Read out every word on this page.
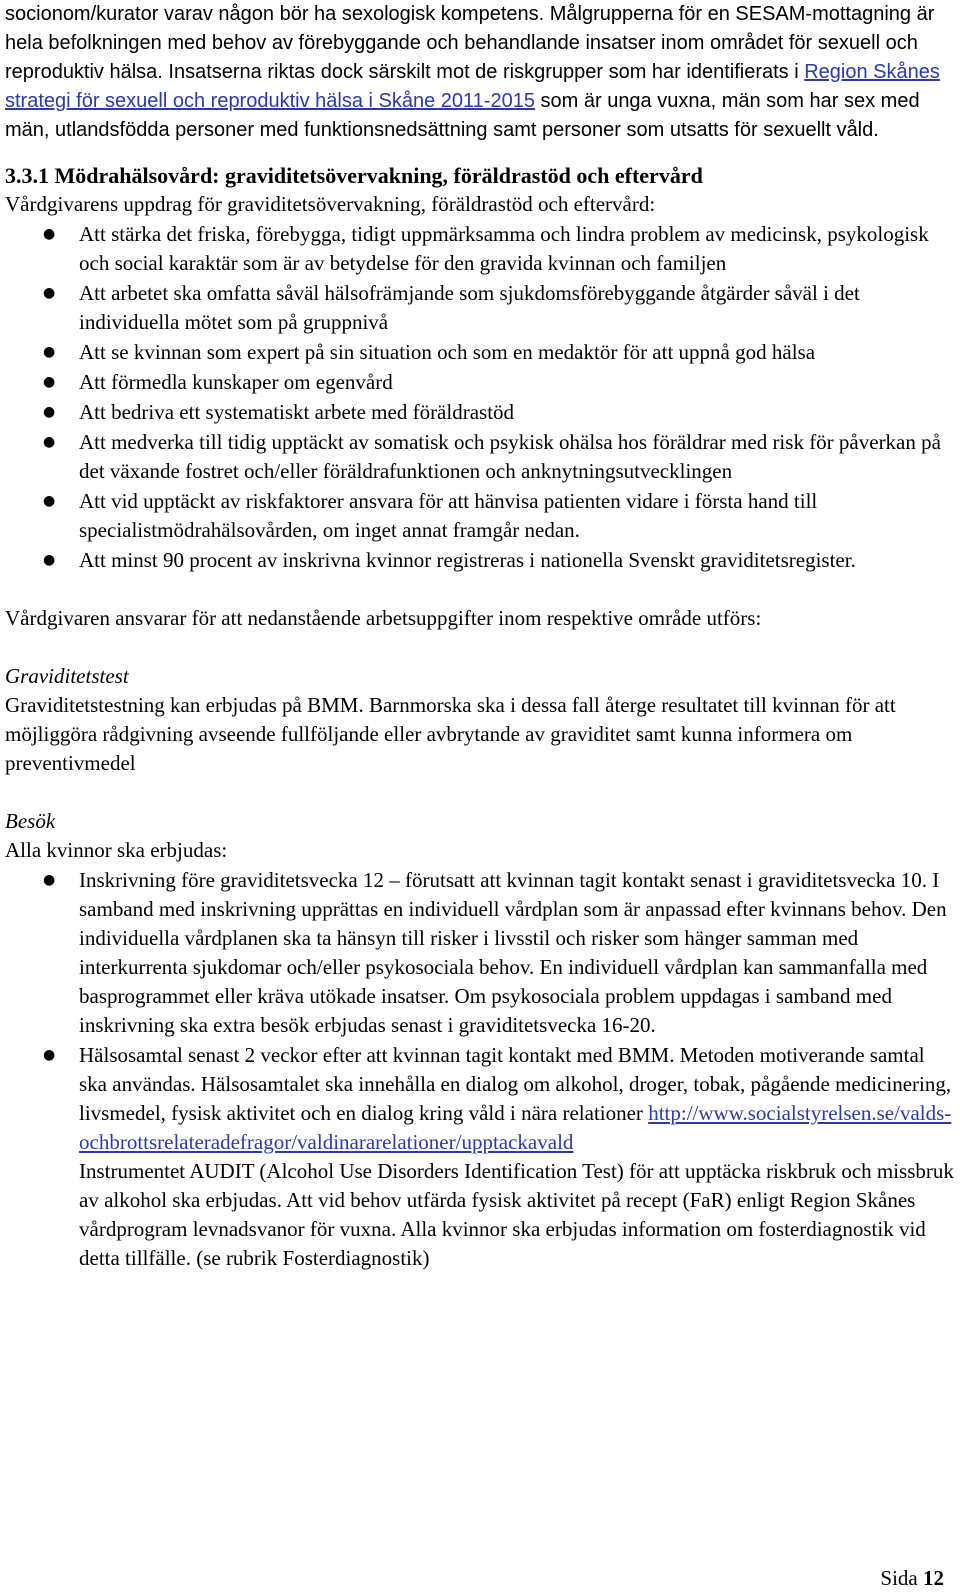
socionom/kurator varav någon bör ha sexologisk kompetens. Målgrupperna för en SESAM-mottagning är hela befolkningen med behov av förebyggande och behandlande insatser inom området för sexuell och reproduktiv hälsa. Insatserna riktas dock särskilt mot de riskgrupper som har identifierats i Region Skånes strategi för sexuell och reproduktiv hälsa i Skåne 2011-2015 som är unga vuxna, män som har sex med män, utlandsfödda personer med funktionsnedsättning samt personer som utsatts för sexuellt våld.

3.3.1 Mödrahälsovård: graviditetsövervakning, föräldrastöd och eftervård

Vårdgivarens uppdrag för graviditetsövervakning, föräldrastöd och eftervård:

● Att stärka det friska, förebygga, tidigt uppmärksamma och lindra problem av medicinsk, psykologisk och social karaktär som är av betydelse för den gravida kvinnan och familjen
● Att arbetet ska omfatta såväl hälsofrämjande som sjukdomsförebyggande åtgärder såväl i det individuella mötet som på gruppnivå
● Att se kvinnan som expert på sin situation och som en medaktör för att uppnå god hälsa
● Att förmedla kunskaper om egenvård
● Att bedriva ett systematiskt arbete med föräldrastöd
● Att medverka till tidig upptäckt av somatisk och psykisk ohälsa hos föräldrar med risk för påverkan på det växande fostret och/eller föräldrafunktionen och anknytningsutvecklingen
● Att vid upptäckt av riskfaktorer ansvara för att hänvisa patienten vidare i första hand till specialistmödrahälsovården, om inget annat framgår nedan.
● Att minst 90 procent av inskrivna kvinnor registreras i nationella Svenskt graviditetsregister.

Vårdgivaren ansvarar för att nedanstående arbetsuppgifter inom respektive område utförs:

Graviditetstest

Graviditetstestning kan erbjudas på BMM. Barnmorska ska i dessa fall återge resultatet till kvinnan för att möjliggöra rådgivning avseende fullföljande eller avbrytande av graviditet samt kunna informera om preventivmedel

Besök

Alla kvinnor ska erbjudas:

● Inskrivning före graviditetsvecka 12 – förutsatt att kvinnan tagit kontakt senast i graviditetsvecka 10. I samband med inskrivning upprättas en individuell vårdplan som är anpassad efter kvinnans behov. Den individuella vårdplanen ska ta hänsyn till risker i livsstil och risker som hänger samman med interkurrenta sjukdomar och/eller psykosociala behov. En individuell vårdplan kan sammanfalla med basprogrammet eller kräva utökade insatser. Om psykosociala problem uppdagas i samband med inskrivning ska extra besök erbjudas senast i graviditetsvecka 16-20.
● Hälsosamtal senast 2 veckor efter att kvinnan tagit kontakt med BMM. Metoden motiverande samtal ska användas. Hälsosamtalet ska innehålla en dialog om alkohol, droger, tobak, pågående medicinering, livsmedel, fysisk aktivitet och en dialog kring våld i nära relationer http://www.socialstyrelsen.se/valds-ochbrottsrelateradefragor/valdinararelationer/upptackavald
Instrumentet AUDIT (Alcohol Use Disorders Identification Test) för att upptäcka riskbruk och missbruk av alkohol ska erbjudas. Att vid behov utfärda fysisk aktivitet på recept (FaR) enligt Region Skånes vårdprogram levnadsvanor för vuxna. Alla kvinnor ska erbjudas information om fosterdiagnostik vid detta tillfälle. (se rubrik Fosterdiagnostik)
Sida 12
